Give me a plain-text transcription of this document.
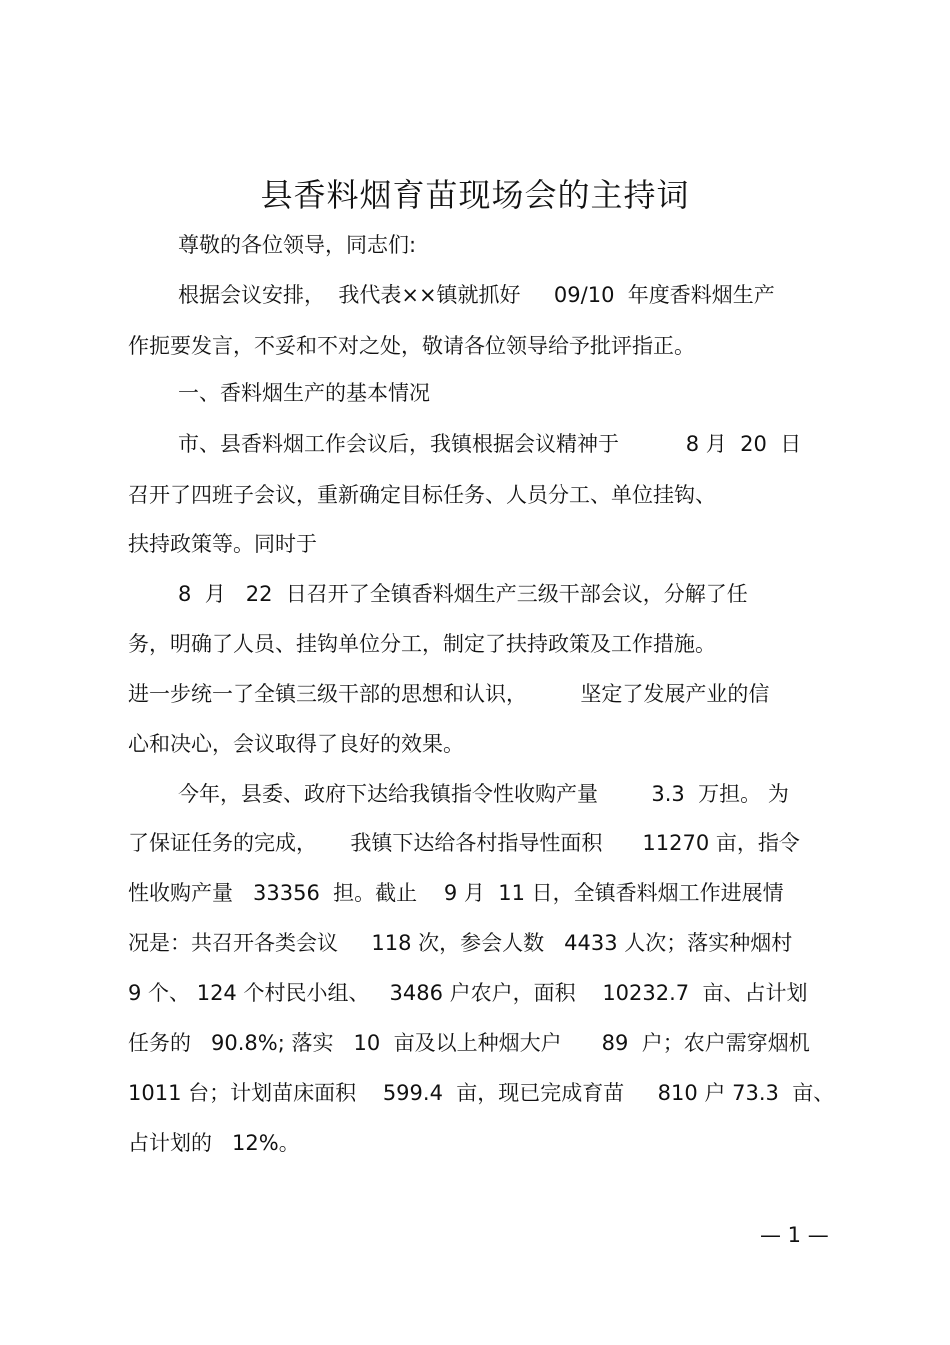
县香料烟育苗现场会的主持词
尊敬的各位领导，同志们:
根据会议安排，  我代表××镇就抓好     09/10  年度香料烟生产
作扼要发言，不妥和不对之处，敬请各位领导给予批评指正。
一、香料烟生产的基本情况
市、县香料烟工作会议后，我镇根据会议精神于          8 月  20  日
召开了四班子会议，重新确定目标任务、人员分工、单位挂钩、
扶持政策等。同时于
8  月   22  日召开了全镇香料烟生产三级干部会议，分解了任
务，明确了人员、挂钩单位分工，制定了扶持政策及工作措施。
进一步统一了全镇三级干部的思想和认识，        坚定了发展产业的信
心和决心，会议取得了良好的效果。
今年，县委、政府下达给我镇指令性收购产量        3.3  万担。 为
了保证任务的完成，     我镇下达给各村指导性面积      11270 亩，指令
性收购产量   33356  担。截止    9 月  11 日，全镇香料烟工作进展情
况是：共召开各类会议     118 次，参会人数   4433 人次；落实种烟村
9 个、 124 个村民小组、   3486 户农户，面积    10232.7  亩、占计划
任务的   90.8%; 落实   10  亩及以上种烟大户      89  户；农户需穿烟机
1011 台；计划苗床面积    599.4  亩，现已完成育苗     810 户 73.3  亩、
占计划的   12%。
— 1 —
